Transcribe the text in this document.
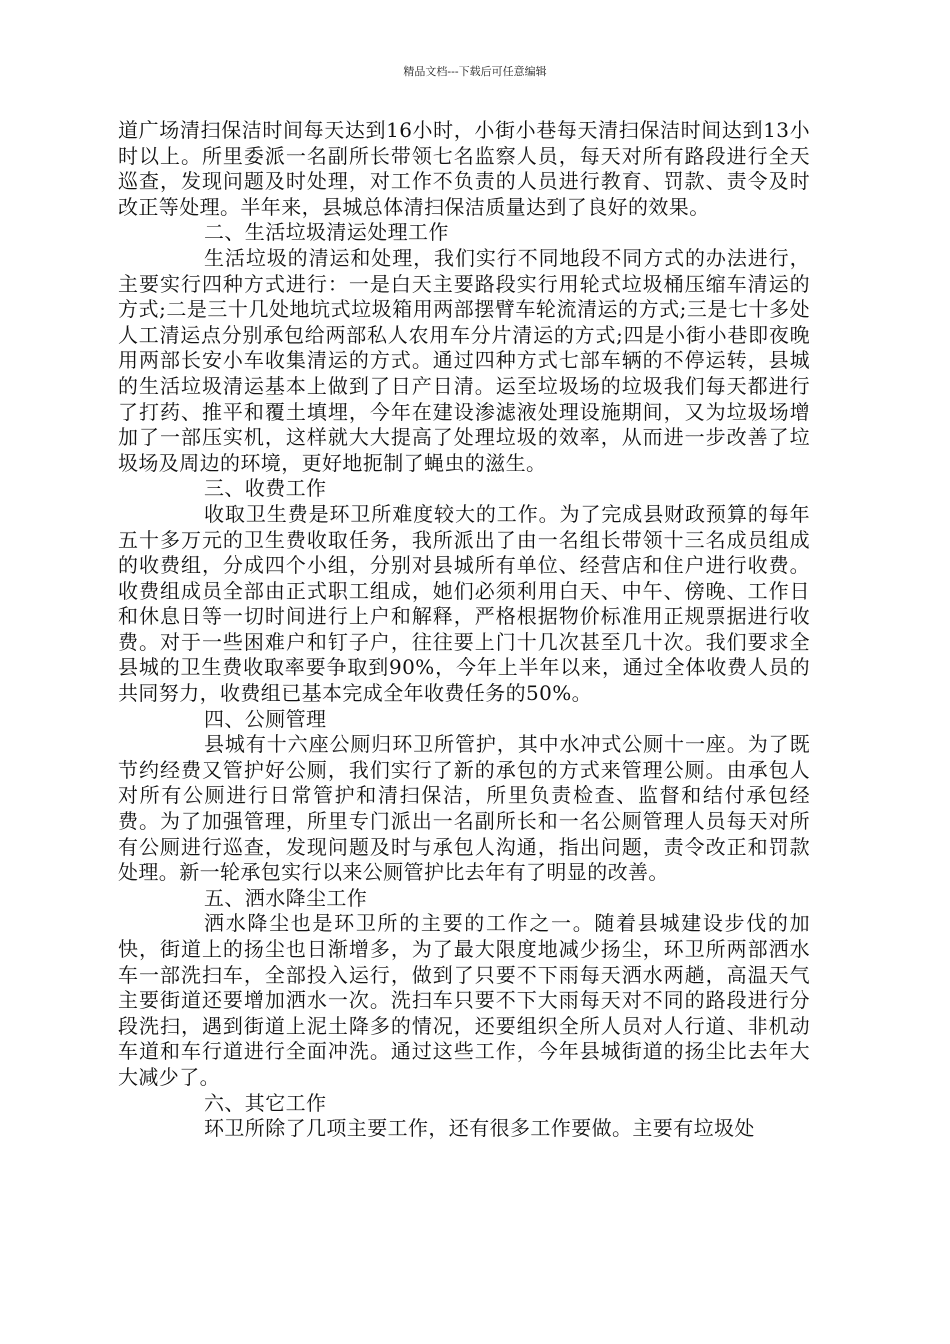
精品文档---下载后可任意编辑

道广场清扫保洁时间每天达到16小时，小街小巷每天清扫保洁时间达到13小时以上。所里委派一名副所长带领七名监察人员，每天对所有路段进行全天巡查，发现问题及时处理，对工作不负责的人员进行教育、罚款、责令及时改正等处理。半年来，县城总体清扫保洁质量达到了良好的效果。

二、生活垃圾清运处理工作

生活垃圾的清运和处理，我们实行不同地段不同方式的办法进行，主要实行四种方式进行：一是白天主要路段实行用轮式垃圾桶压缩车清运的方式;二是三十几处地坑式垃圾箱用两部摆臂车轮流清运的方式;三是七十多处人工清运点分别承包给两部私人农用车分片清运的方式;四是小街小巷即夜晚用两部长安小车收集清运的方式。通过四种方式七部车辆的不停运转，县城的生活垃圾清运基本上做到了日产日清。运至垃圾场的垃圾我们每天都进行了打药、推平和覆土填埋，今年在建设渗滤液处理设施期间，又为垃圾场增加了一部压实机，这样就大大提高了处理垃圾的效率，从而进一步改善了垃圾场及周边的环境，更好地扼制了蝇虫的滋生。

三、收费工作

收取卫生费是环卫所难度较大的工作。为了完成县财政预算的每年五十多万元的卫生费收取任务，我所派出了由一名组长带领十三名成员组成的收费组，分成四个小组，分别对县城所有单位、经营店和住户进行收费。收费组成员全部由正式职工组成，她们必须利用白天、中午、傍晚、工作日和休息日等一切时间进行上户和解释，严格根据物价标准用正规票据进行收费。对于一些困难户和钉子户，往往要上门十几次甚至几十次。我们要求全县城的卫生费收取率要争取到90%，今年上半年以来，通过全体收费人员的共同努力，收费组已基本完成全年收费任务的50%。

四、公厕管理

县城有十六座公厕归环卫所管护，其中水冲式公厕十一座。为了既节约经费又管护好公厕，我们实行了新的承包的方式来管理公厕。由承包人对所有公厕进行日常管护和清扫保洁，所里负责检查、监督和结付承包经费。为了加强管理，所里专门派出一名副所长和一名公厕管理人员每天对所有公厕进行巡查，发现问题及时与承包人沟通，指出问题，责令改正和罚款处理。新一轮承包实行以来公厕管护比去年有了明显的改善。

五、洒水降尘工作

洒水降尘也是环卫所的主要的工作之一。随着县城建设步伐的加快，街道上的扬尘也日渐增多，为了最大限度地减少扬尘，环卫所两部洒水车一部洗扫车，全部投入运行，做到了只要不下雨每天洒水两趟，高温天气主要街道还要增加洒水一次。洗扫车只要不下大雨每天对不同的路段进行分段洗扫，遇到街道上泥土降多的情况，还要组织全所人员对人行道、非机动车道和车行道进行全面冲洗。通过这些工作，今年县城街道的扬尘比去年大大减少了。

六、其它工作

环卫所除了几项主要工作，还有很多工作要做。主要有垃圾处
